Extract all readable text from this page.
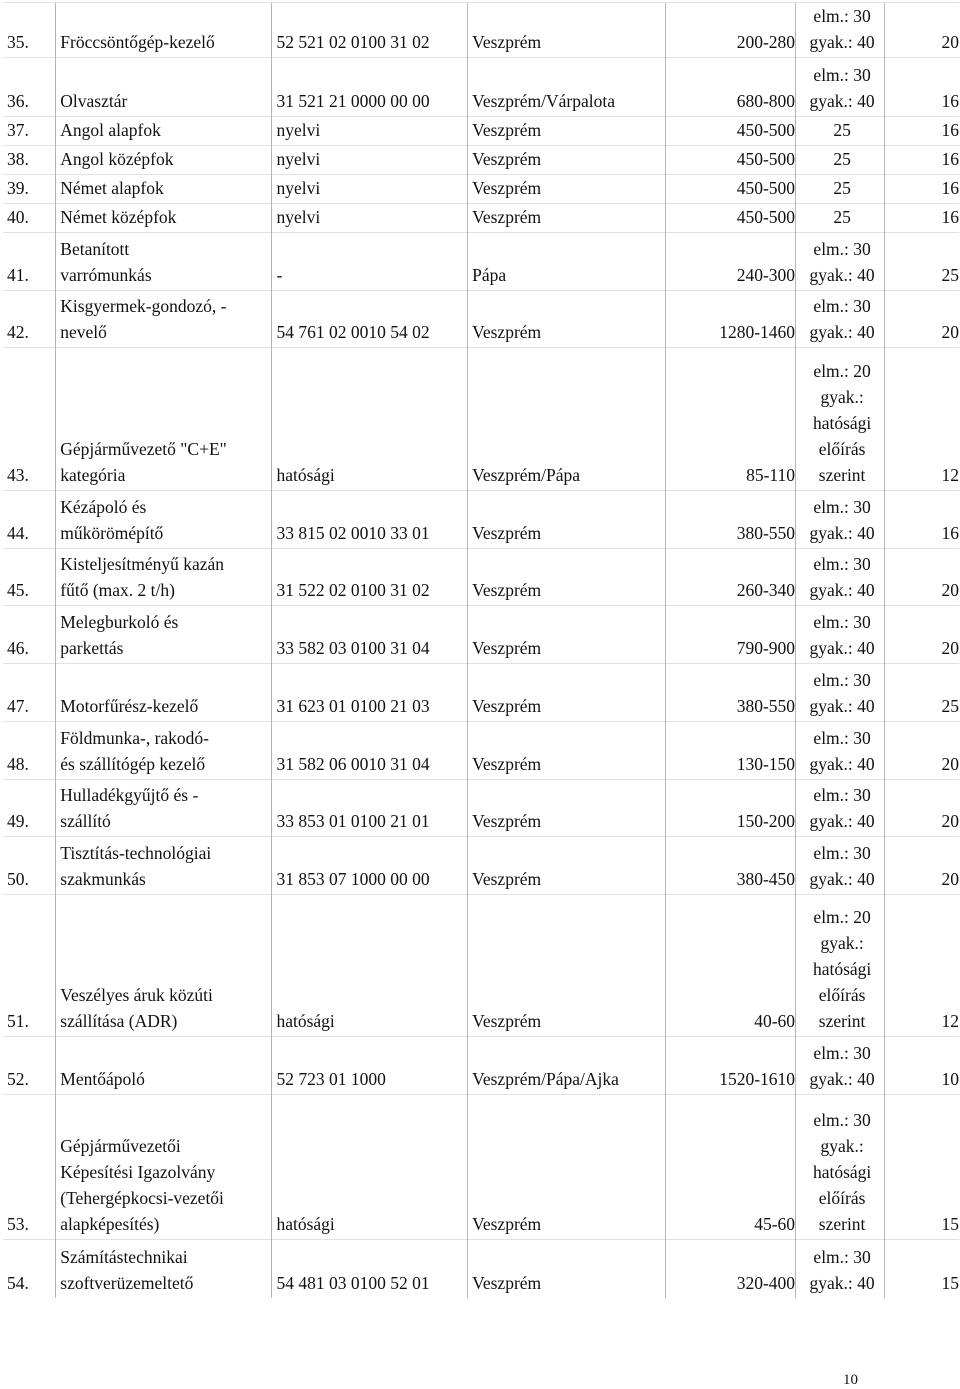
35.	Fröccsöntőgép-kezelő	52 521 02 0100 31 02	Veszprém	200-280	elm.: 30
gyak.: 40	20
36.	Olvasztár	31 521 21 0000 00 00	Veszprém/Várpalota	680-800	elm.: 30
gyak.: 40	16
37.	Angol alapfok	nyelvi	Veszprém	450-500	25	16
38.	Angol középfok	nyelvi	Veszprém	450-500	25	16
39.	Német alapfok	nyelvi	Veszprém	450-500	25	16
40.	Német középfok	nyelvi	Veszprém	450-500	25	16
41.	Betanított
varrómunkás	-	Pápa	240-300	elm.: 30
gyak.: 40	25
42.	Kisgyermek-gondozó, -
nevelő	54 761 02 0010 54 02	Veszprém	1280-1460	elm.: 30
gyak.: 40	20
43.	Gépjárművezető "C+E"
kategória	hatósági	Veszprém/Pápa	85-110	elm.: 20
gyak.:
hatósági
előírás
szerint	12
44.	Kézápoló és
műkörömépítő	33 815 02 0010 33 01	Veszprém	380-550	elm.: 30
gyak.: 40	16
45.	Kisteljesítményű kazán
fűtő (max. 2 t/h)	31 522 02 0100 31 02	Veszprém	260-340	elm.: 30
gyak.: 40	20
46.	Melegburkoló és
parkettás	33 582 03 0100 31 04	Veszprém	790-900	elm.: 30
gyak.: 40	20
47.	Motorfűrész-kezelő	31 623 01 0100 21 03	Veszprém	380-550	elm.: 30
gyak.: 40	25
48.	Földmunka-, rakodó-
és szállítógép kezelő	31 582 06 0010 31 04	Veszprém	130-150	elm.: 30
gyak.: 40	20
49.	Hulladékgyűjtő és -
szállító	33 853 01 0100 21 01	Veszprém	150-200	elm.: 30
gyak.: 40	20
50.	Tisztítás-technológiai
szakmunkás	31 853 07 1000 00 00	Veszprém	380-450	elm.: 30
gyak.: 40	20
51.	Veszélyes áruk közúti
szállítása (ADR)	hatósági	Veszprém	40-60	elm.: 20
gyak.:
hatósági
előírás
szerint	12
52.	Mentőápoló	52 723 01 1000	Veszprém/Pápa/Ajka	1520-1610	elm.: 30
gyak.: 40	10
53.	Gépjárművezetői
Képesítési Igazolvány
(Tehergépkocsi-vezetői
alapképesítés)	hatósági	Veszprém	45-60	elm.: 30
gyak.:
hatósági
előírás
szerint	15
54.	Számítástechnikai
szoftverüzemeltető	54 481 03 0100 52 01	Veszprém	320-400	elm.: 30
gyak.: 40	15
10
